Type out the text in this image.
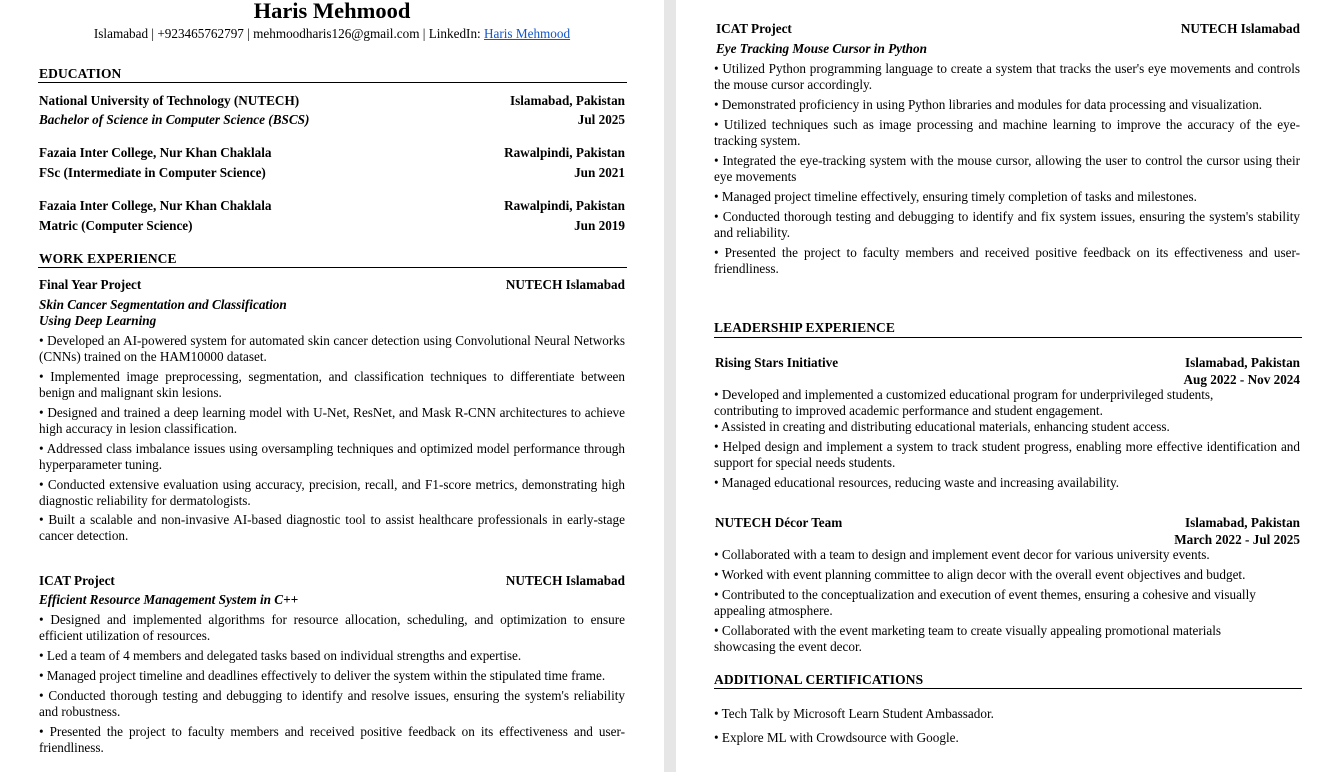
Haris Mehmood
Islamabad | +923465762797 | mehmoodharis126@gmail.com | LinkedIn: Haris Mehmood
EDUCATION
National University of Technology (NUTECH)	Islamabad, Pakistan
Bachelor of Science in Computer Science (BSCS)	Jul 2025
Fazaia Inter College, Nur Khan Chaklala	Rawalpindi, Pakistan
FSc (Intermediate in Computer Science)	Jun 2021
Fazaia Inter College, Nur Khan Chaklala	Rawalpindi, Pakistan
Matric (Computer Science)	Jun 2019
WORK EXPERIENCE
Final Year Project	NUTECH Islamabad
Skin Cancer Segmentation and Classification
Using Deep Learning
• Developed an AI-powered system for automated skin cancer detection using Convolutional Neural Networks (CNNs) trained on the HAM10000 dataset.
• Implemented image preprocessing, segmentation, and classification techniques to differentiate between benign and malignant skin lesions.
• Designed and trained a deep learning model with U-Net, ResNet, and Mask R-CNN architectures to achieve high accuracy in lesion classification.
• Addressed class imbalance issues using oversampling techniques and optimized model performance through hyperparameter tuning.
• Conducted extensive evaluation using accuracy, precision, recall, and F1-score metrics, demonstrating high diagnostic reliability for dermatologists.
• Built a scalable and non-invasive AI-based diagnostic tool to assist healthcare professionals in early-stage cancer detection.
ICAT Project	NUTECH Islamabad
Efficient Resource Management System in C++
• Designed and implemented algorithms for resource allocation, scheduling, and optimization to ensure efficient utilization of resources.
• Led a team of 4 members and delegated tasks based on individual strengths and expertise.
• Managed project timeline and deadlines effectively to deliver the system within the stipulated time frame.
• Conducted thorough testing and debugging to identify and resolve issues, ensuring the system's reliability and robustness.
• Presented the project to faculty members and received positive feedback on its effectiveness and user-friendliness.
ICAT Project	NUTECH Islamabad
Eye Tracking Mouse Cursor in Python
• Utilized Python programming language to create a system that tracks the user's eye movements and controls the mouse cursor accordingly.
• Demonstrated proficiency in using Python libraries and modules for data processing and visualization.
• Utilized techniques such as image processing and machine learning to improve the accuracy of the eye-tracking system.
• Integrated the eye-tracking system with the mouse cursor, allowing the user to control the cursor using their eye movements
• Managed project timeline effectively, ensuring timely completion of tasks and milestones.
• Conducted thorough testing and debugging to identify and fix system issues, ensuring the system's stability and reliability.
• Presented the project to faculty members and received positive feedback on its effectiveness and user-friendliness.
LEADERSHIP EXPERIENCE
Rising Stars Initiative	Islamabad, Pakistan
Aug 2022 - Nov 2024
• Developed and implemented a customized educational program for underprivileged students, contributing to improved academic performance and student engagement.
• Assisted in creating and distributing educational materials, enhancing student access.
• Helped design and implement a system to track student progress, enabling more effective identification and support for special needs students.
• Managed educational resources, reducing waste and increasing availability.
NUTECH Décor Team	Islamabad, Pakistan
March 2022 - Jul 2025
• Collaborated with a team to design and implement event decor for various university events.
• Worked with event planning committee to align decor with the overall event objectives and budget.
• Contributed to the conceptualization and execution of event themes, ensuring a cohesive and visually appealing atmosphere.
• Collaborated with the event marketing team to create visually appealing promotional materials showcasing the event decor.
ADDITIONAL CERTIFICATIONS
• Tech Talk by Microsoft Learn Student Ambassador.
• Explore ML with Crowdsource with Google.
